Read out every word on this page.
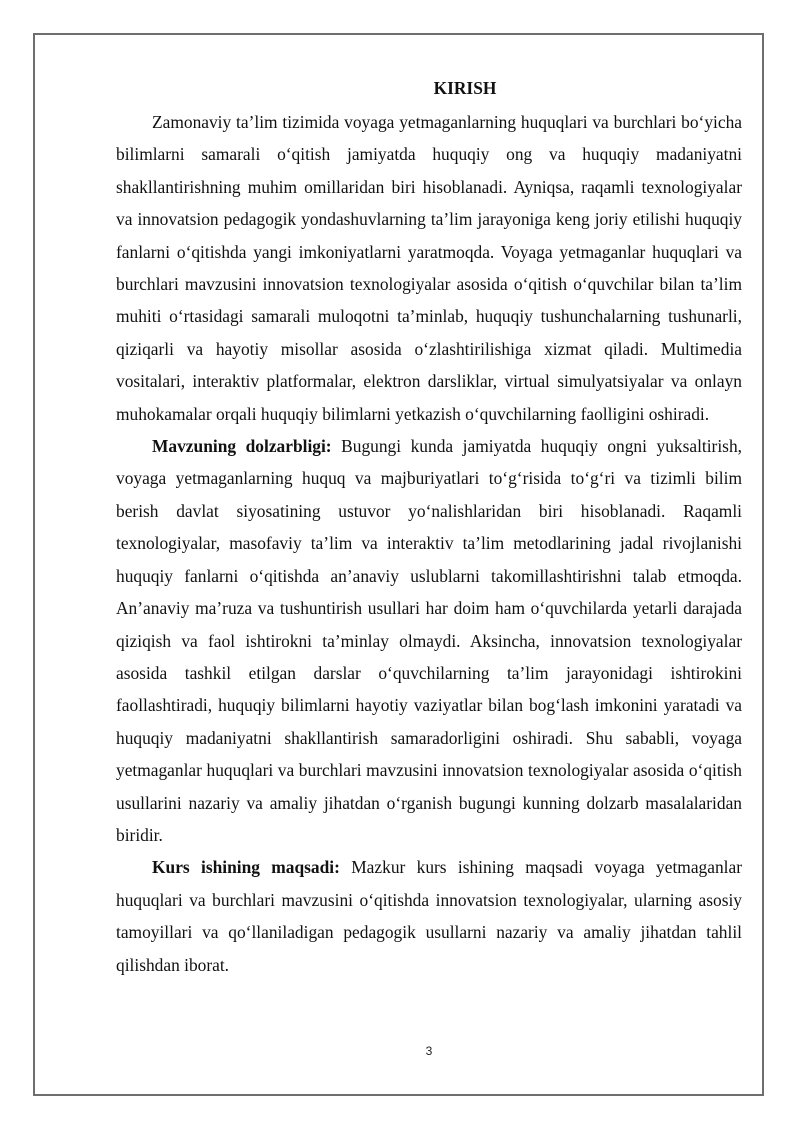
KIRISH

Zamonaviy ta’lim tizimida voyaga yetmaganlarning huquqlari va burchlari bo‘yicha bilimlarni samarali o‘qitish jamiyatda huquqiy ong va huquqiy madaniyatni shakllantirishning muhim omillaridan biri hisoblanadi. Ayniqsa, raqamli texnologiyalar va innovatsion pedagogik yondashuvlarning ta’lim jarayoniga keng joriy etilishi huquqiy fanlarni o‘qitishda yangi imkoniyatlarni yaratmoqda. Voyaga yetmaganlar huquqlari va burchlari mavzusini innovatsion texnologiyalar asosida o‘qitish o‘quvchilar bilan ta’lim muhiti o‘rtasidagi samarali muloqotni ta’minlab, huquqiy tushunchalarning tushunarli, qiziqarli va hayotiy misollar asosida o‘zlashtirilishiga xizmat qiladi. Multimedia vositalari, interaktiv platformalar, elektron darsliklar, virtual simulyatsiyalar va onlayn muhokamalar orqali huquqiy bilimlarni yetkazish o‘quvchilarning faolligini oshiradi.

Mavzuning dolzarbligi: Bugungi kunda jamiyatda huquqiy ongni yuksaltirish, voyaga yetmaganlarning huquq va majburiyatlari to‘g‘risida to‘g‘ri va tizimli bilim berish davlat siyosatining ustuvor yo‘nalishlaridan biri hisoblanadi. Raqamli texnologiyalar, masofaviy ta’lim va interaktiv ta’lim metodlarining jadal rivojlanishi huquqiy fanlarni o‘qitishda an’anaviy uslublarni takomillashtirishni talab etmoqda. An’anaviy ma’ruza va tushuntirish usullari har doim ham o‘quvchilarda yetarli darajada qiziqish va faol ishtirokni ta’minlay olmaydi. Aksincha, innovatsion texnologiyalar asosida tashkil etilgan darslar o‘quvchilarning ta’lim jarayonidagi ishtirokini faollashtiradi, huquqiy bilimlarni hayotiy vaziyatlar bilan bog‘lash imkonini yaratadi va huquqiy madaniyatni shakllantirish samaradorligini oshiradi. Shu sababli, voyaga yetmaganlar huquqlari va burchlari mavzusini innovatsion texnologiyalar asosida o‘qitish usullarini nazariy va amaliy jihatdan o‘rganish bugungi kunning dolzarb masalalaridan biridir.

Kurs ishining maqsadi: Mazkur kurs ishining maqsadi voyaga yetmaganlar huquqlari va burchlari mavzusini o‘qitishda innovatsion texnologiyalar, ularning asosiy tamoyillari va qo‘llaniladigan pedagogik usullarni nazariy va amaliy jihatdan tahlil qilishdan iborat.

3
